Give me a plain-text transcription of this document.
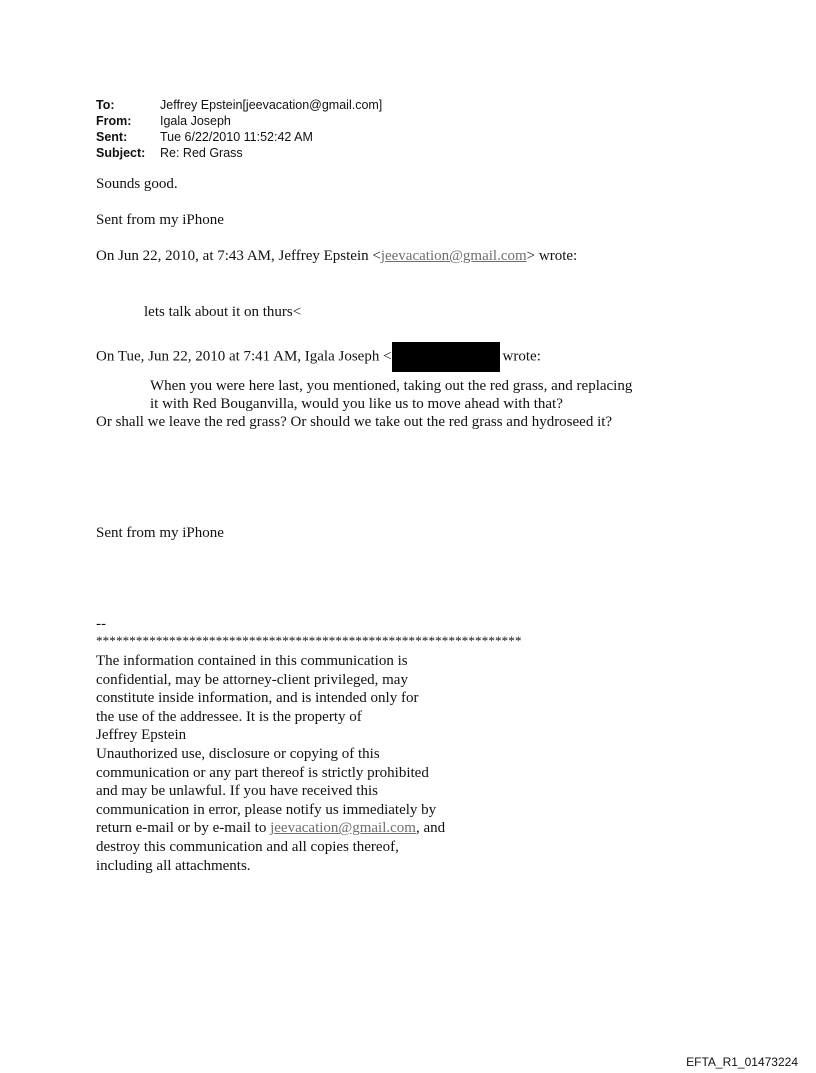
To:	Jeffrey Epstein[jeevacation@gmail.com]
From:	Igala Joseph
Sent:	Tue 6/22/2010 11:52:42 AM
Subject:	Re: Red Grass
Sounds good.
Sent from my iPhone
On Jun 22, 2010, at 7:43 AM, Jeffrey Epstein <jeevacation@gmail.com> wrote:
lets talk about it on thurs<
On Tue, Jun 22, 2010 at 7:41 AM, Igala Joseph <	wrote:
When you were here last, you mentioned, taking out the red grass, and replacing
it with Red Bouganvilla, would you like us to move ahead with that?
Or shall we leave the red grass? Or should we take out the red grass and hydroseed it?
Sent from my iPhone
--
****************************************************************
The information contained in this communication is
confidential, may be attorney-client privileged, may
constitute inside information, and is intended only for
the use of the addressee. It is the property of
Jeffrey Epstein
Unauthorized use, disclosure or copying of this
communication or any part thereof is strictly prohibited
and may be unlawful. If you have received this
communication in error, please notify us immediately by
return e-mail or by e-mail to jeevacation@gmail.com, and
destroy this communication and all copies thereof,
including all attachments.
EFTA_R1_01473224
